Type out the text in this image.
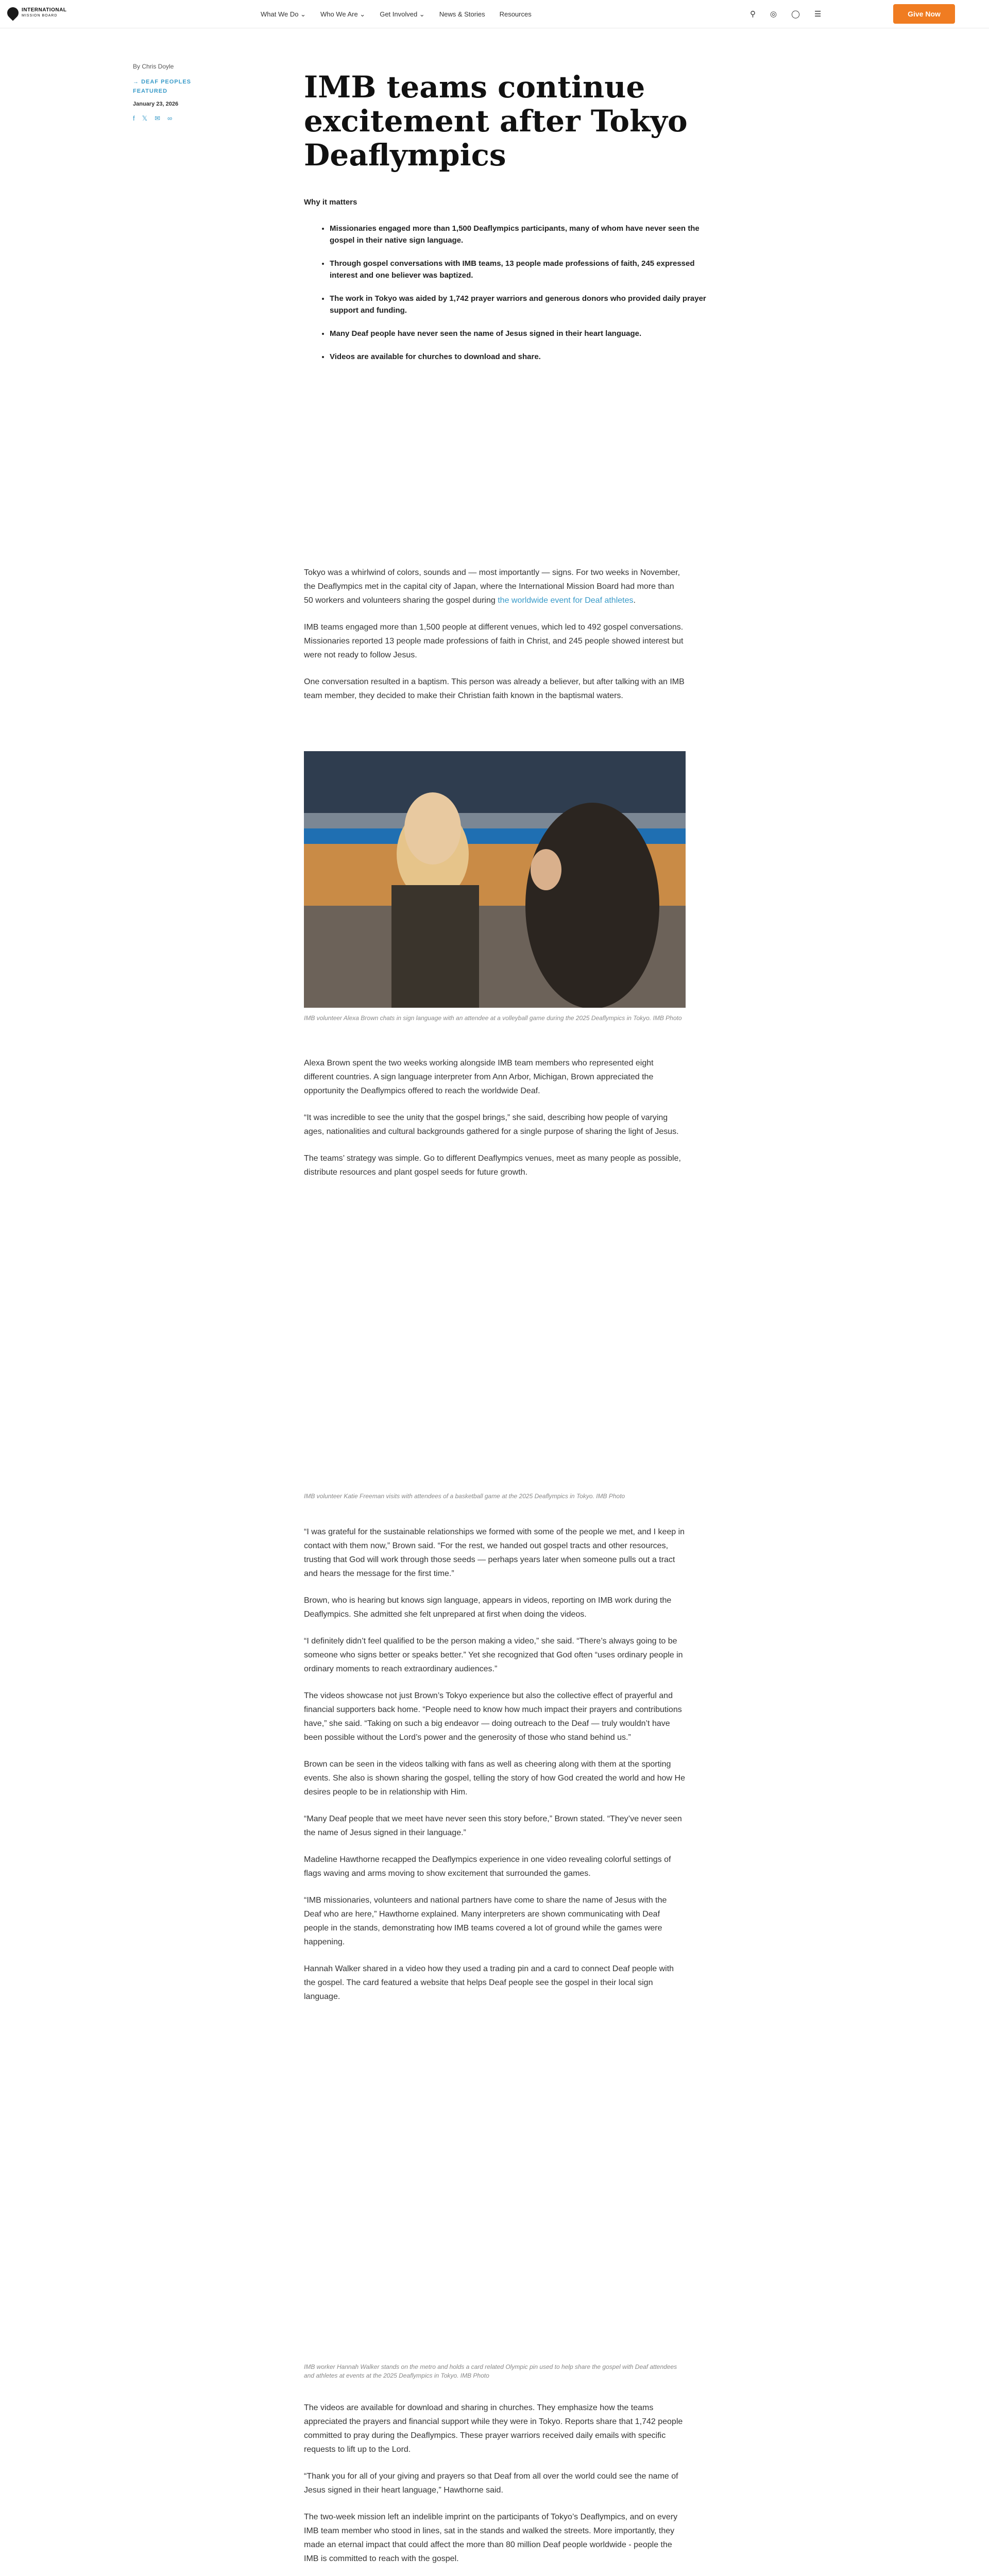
INTERNATIONAL
MISSION BOARD	What We Do ⌄ Who We Are ⌄ Get Involved ⌄ News & Stories Resources	⚲ ◎ ◯ ☰	Give Now
By Chris Doyle
→ DEAF PEOPLES
FEATURED
January 23, 2026
f 𝕏 ✉ ∞
IMB teams continue excitement after Tokyo Deaflympics
Why it matters
• Missionaries engaged more than 1,500 Deaflympics participants, many of whom have never seen the gospel in their native sign language.
• Through gospel conversations with IMB teams, 13 people made professions of faith, 245 expressed interest and one believer was baptized.
• The work in Tokyo was aided by 1,742 prayer warriors and generous donors who provided daily prayer support and funding.
• Many Deaf people have never seen the name of Jesus signed in their heart language.
• Videos are available for churches to download and share.

Tokyo was a whirlwind of colors, sounds and — most importantly — signs. For two weeks in November, the Deaflympics met in the capital city of Japan, where the International Mission Board had more than 50 workers and volunteers sharing the gospel during the worldwide event for Deaf athletes.

IMB teams engaged more than 1,500 people at different venues, which led to 492 gospel conversations. Missionaries reported 13 people made professions of faith in Christ, and 245 people showed interest but were not ready to follow Jesus.

One conversation resulted in a baptism. This person was already a believer, but after talking with an IMB team member, they decided to make their Christian faith known in the baptismal waters.

IMB volunteer Alexa Brown chats in sign language with an attendee at a volleyball game during the 2025 Deaflympics in Tokyo. IMB Photo

Alexa Brown spent the two weeks working alongside IMB team members who represented eight different countries. A sign language interpreter from Ann Arbor, Michigan, Brown appreciated the opportunity the Deaflympics offered to reach the worldwide Deaf.

“It was incredible to see the unity that the gospel brings,” she said, describing how people of varying ages, nationalities and cultural backgrounds gathered for a single purpose of sharing the light of Jesus.

The teams’ strategy was simple. Go to different Deaflympics venues, meet as many people as possible, distribute resources and plant gospel seeds for future growth.

IMB volunteer Katie Freeman visits with attendees of a basketball game at the 2025 Deaflympics in Tokyo. IMB Photo

“I was grateful for the sustainable relationships we formed with some of the people we met, and I keep in contact with them now,” Brown said. “For the rest, we handed out gospel tracts and other resources, trusting that God will work through those seeds — perhaps years later when someone pulls out a tract and hears the message for the first time.”

Brown, who is hearing but knows sign language, appears in videos, reporting on IMB work during the Deaflympics. She admitted she felt unprepared at first when doing the videos.

“I definitely didn’t feel qualified to be the person making a video,” she said. “There’s always going to be someone who signs better or speaks better.” Yet she recognized that God often “uses ordinary people in ordinary moments to reach extraordinary audiences.”

The videos showcase not just Brown’s Tokyo experience but also the collective effect of prayerful and financial supporters back home. “People need to know how much impact their prayers and contributions have,” she said. “Taking on such a big endeavor — doing outreach to the Deaf — truly wouldn’t have been possible without the Lord’s power and the generosity of those who stand behind us.”

Brown can be seen in the videos talking with fans as well as cheering along with them at the sporting events. She also is shown sharing the gospel, telling the story of how God created the world and how He desires people to be in relationship with Him.

“Many Deaf people that we meet have never seen this story before,” Brown stated. “They’ve never seen the name of Jesus signed in their language.”

Madeline Hawthorne recapped the Deaflympics experience in one video revealing colorful settings of flags waving and arms moving to show excitement that surrounded the games.

“IMB missionaries, volunteers and national partners have come to share the name of Jesus with the Deaf who are here,” Hawthorne explained. Many interpreters are shown communicating with Deaf people in the stands, demonstrating how IMB teams covered a lot of ground while the games were happening.

Hannah Walker shared in a video how they used a trading pin and a card to connect Deaf people with the gospel. The card featured a website that helps Deaf people see the gospel in their local sign language.

IMB worker Hannah Walker stands on the metro and holds a card related Olympic pin used to help share the gospel with Deaf attendees and athletes at events at the 2025 Deaflympics in Tokyo. IMB Photo

The videos are available for download and sharing in churches. They emphasize how the teams appreciated the prayers and financial support while they were in Tokyo. Reports share that 1,742 people committed to pray during the Deaflympics. These prayer warriors received daily emails with specific requests to lift up to the Lord.

“Thank you for all of your giving and prayers so that Deaf from all over the world could see the name of Jesus signed in their heart language,” Hawthorne said.

The two-week mission left an indelible imprint on the participants of Tokyo’s Deaflympics, and on every IMB team member who stood in lines, sat in the stands and walked the streets. More importantly, they made an eternal impact that could affect the more than 80 million Deaf people worldwide - people the IMB is committed to reach with the gospel.
